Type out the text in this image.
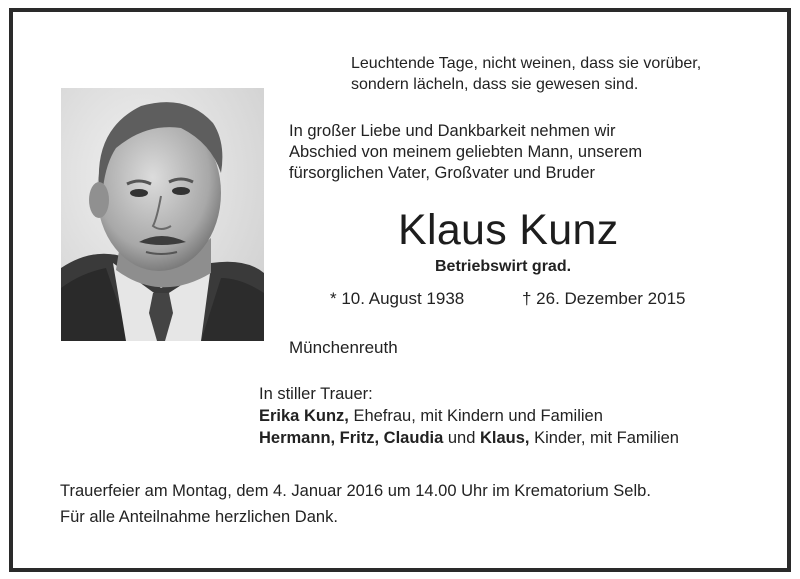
Leuchtende Tage, nicht weinen, dass sie vorüber,
sondern lächeln, dass sie gewesen sind.
In großer Liebe und Dankbarkeit nehmen wir
Abschied von meinem geliebten Mann, unserem
fürsorglichen Vater, Großvater und Bruder
Klaus Kunz
Betriebswirt grad.
* 10. August 1938	† 26. Dezember 2015
Münchenreuth
In stiller Trauer:
Erika Kunz, Ehefrau, mit Kindern und Familien
Hermann, Fritz, Claudia und Klaus, Kinder, mit Familien
Trauerfeier am Montag, dem 4. Januar 2016 um 14.00 Uhr im Krematorium Selb.
Für alle Anteilnahme herzlichen Dank.
